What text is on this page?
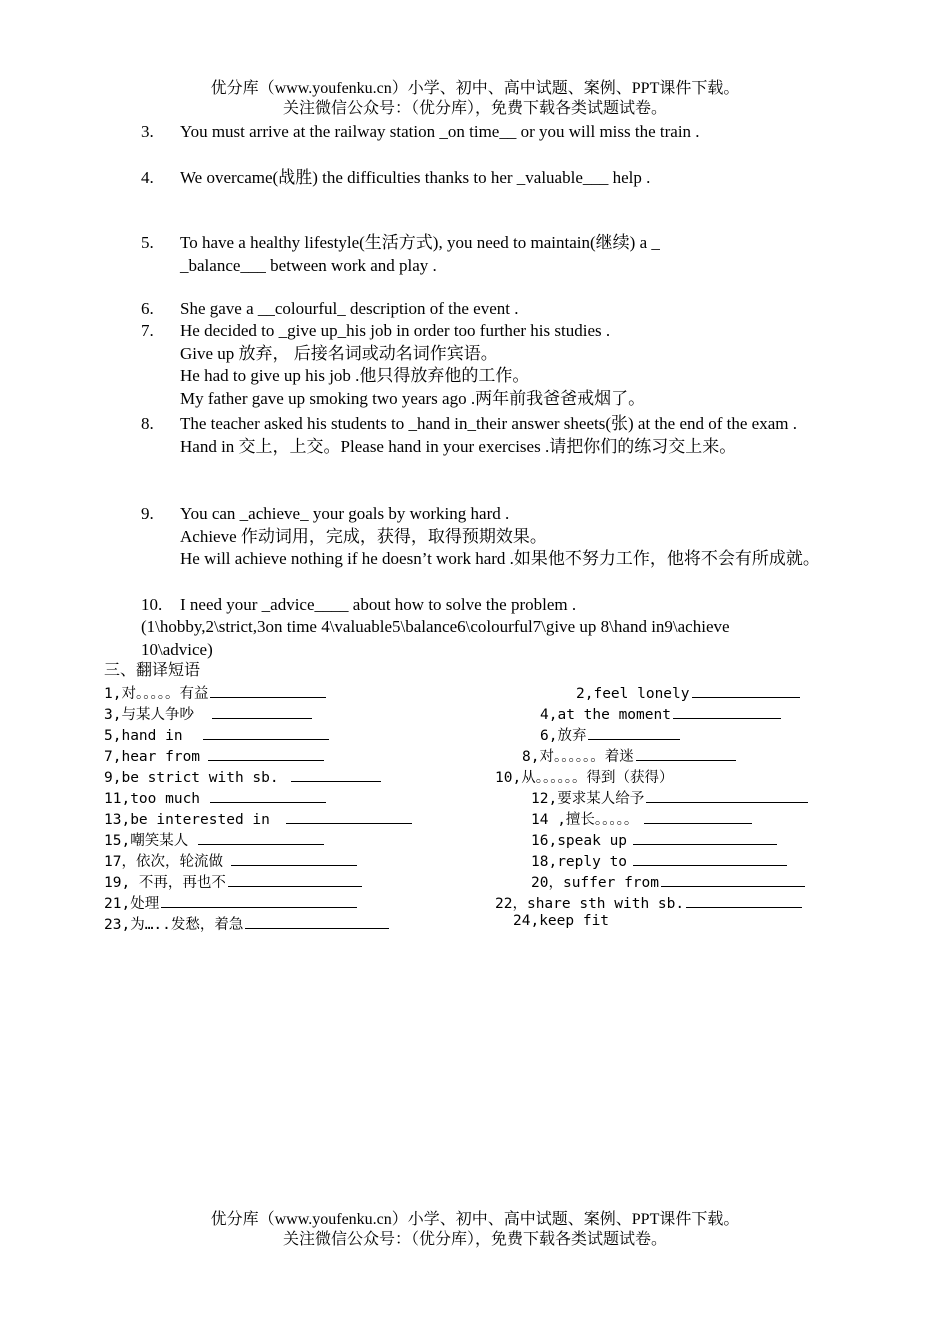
优分库（www.youfenku.cn）小学、初中、高中试题、案例、PPT课件下载。
关注微信公众号：（优分库），免费下载各类试题试卷。
3. You must arrive at the railway station _on time__ or you will miss the train .
4. We overcame(战胜) the difficulties thanks to her _valuable___ help .
5. To have a healthy lifestyle(生活方式), you need to maintain(继续) a _
_balance___ between work and play .
6. She gave a __colourful_ description of the event .
7. He decided to _give up_his job in order too further his studies .
Give up 放弃， 后接名词或动名词作宾语。
He had to give up his job .他只得放弃他的工作。
My father gave up smoking two years ago .两年前我爸爸戒烟了。
8. The teacher asked his students to _hand in_their answer sheets(张) at the end of the exam .
Hand in 交上，上交。Please hand in your exercises .请把你们的练习交上来。
9. You can _achieve_ your goals by working hard .
Achieve 作动词用，完成，获得，取得预期效果。
He will achieve nothing if he doesn’t work hard .如果他不努力工作，他将不会有所成就。
10. I need your _advice____ about how to solve the problem .
(1\hobby,2\strict,3on time 4\valuable5\balance6\colourful7\give up 8\hand in9\achieve
10\advice)
三、翻译短语
1,对。。。。。有益	2,feel lonely
3,与某人争吵	4,at the moment
5,hand in	6,放弃
7,hear from	8,对。。。。。。着迷
9,be strict with sb.	10,从。。。。。。得到（获得）
11,too much	12,要求某人给予
13,be interested in	14 ,擅长。。。。。
15,嘲笑某人	16,speak up
17，依次，轮流做	18,reply to
19, 不再，再也不	20，suffer from
21,处理	22，share sth with sb.
23,为…..发愁，着急	24,keep fit
优分库（www.youfenku.cn）小学、初中、高中试题、案例、PPT课件下载。
关注微信公众号：（优分库），免费下载各类试题试卷。
